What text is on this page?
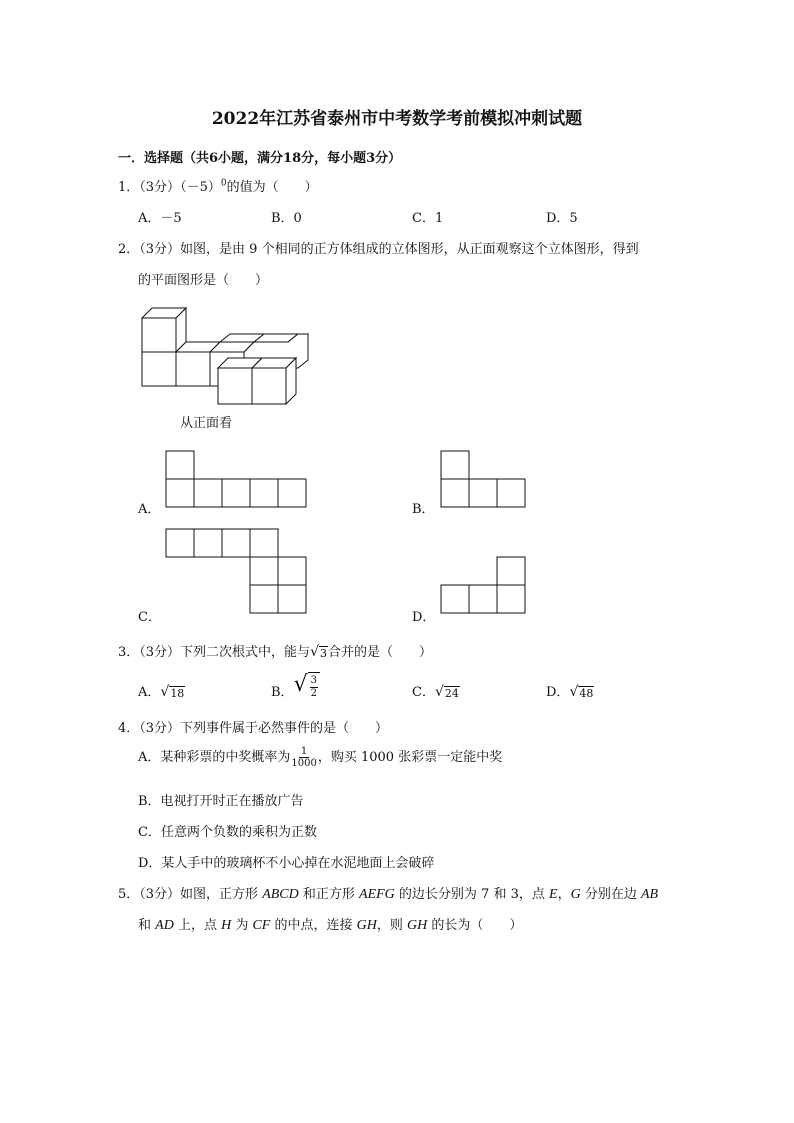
2022年江苏省泰州市中考数学考前模拟冲刺试题
一．选择题（共6小题，满分18分，每小题3分）
1．（3分）$(-5)^0$的值为（　　）
A．－5	B．0	C．1	D．5
2．（3分）如图，是由 9 个相同的正方体组成的立体图形，从正面观察这个立体图形，得到
的平面图形是（　　）
从正面看
A．	B．
C．	D．
3．（3分）下列二次根式中，能与 √ 3 合并的是（　　）
A． √ 18	B． √ $\frac{3}{2}$	C． √ 24	D． √ 48
4．（3分）下列事件属于必然事件的是（　　）
A．某种彩票的中奖概率为 $\frac{1}{1000}$ ，购买 1000 张彩票一定能中奖
B．电视打开时正在播放广告
C．任意两个负数的乘积为正数
D．某人手中的玻璃杯不小心掉在水泥地面上会破碎
5．（3分）如图，正方形 ABCD 和正方形 AEFG 的边长分别为 7 和 3，点 E，G 分别在边 AB
和 AD 上，点 H 为 CF 的中点，连接 GH，则 GH 的长为（　　）
